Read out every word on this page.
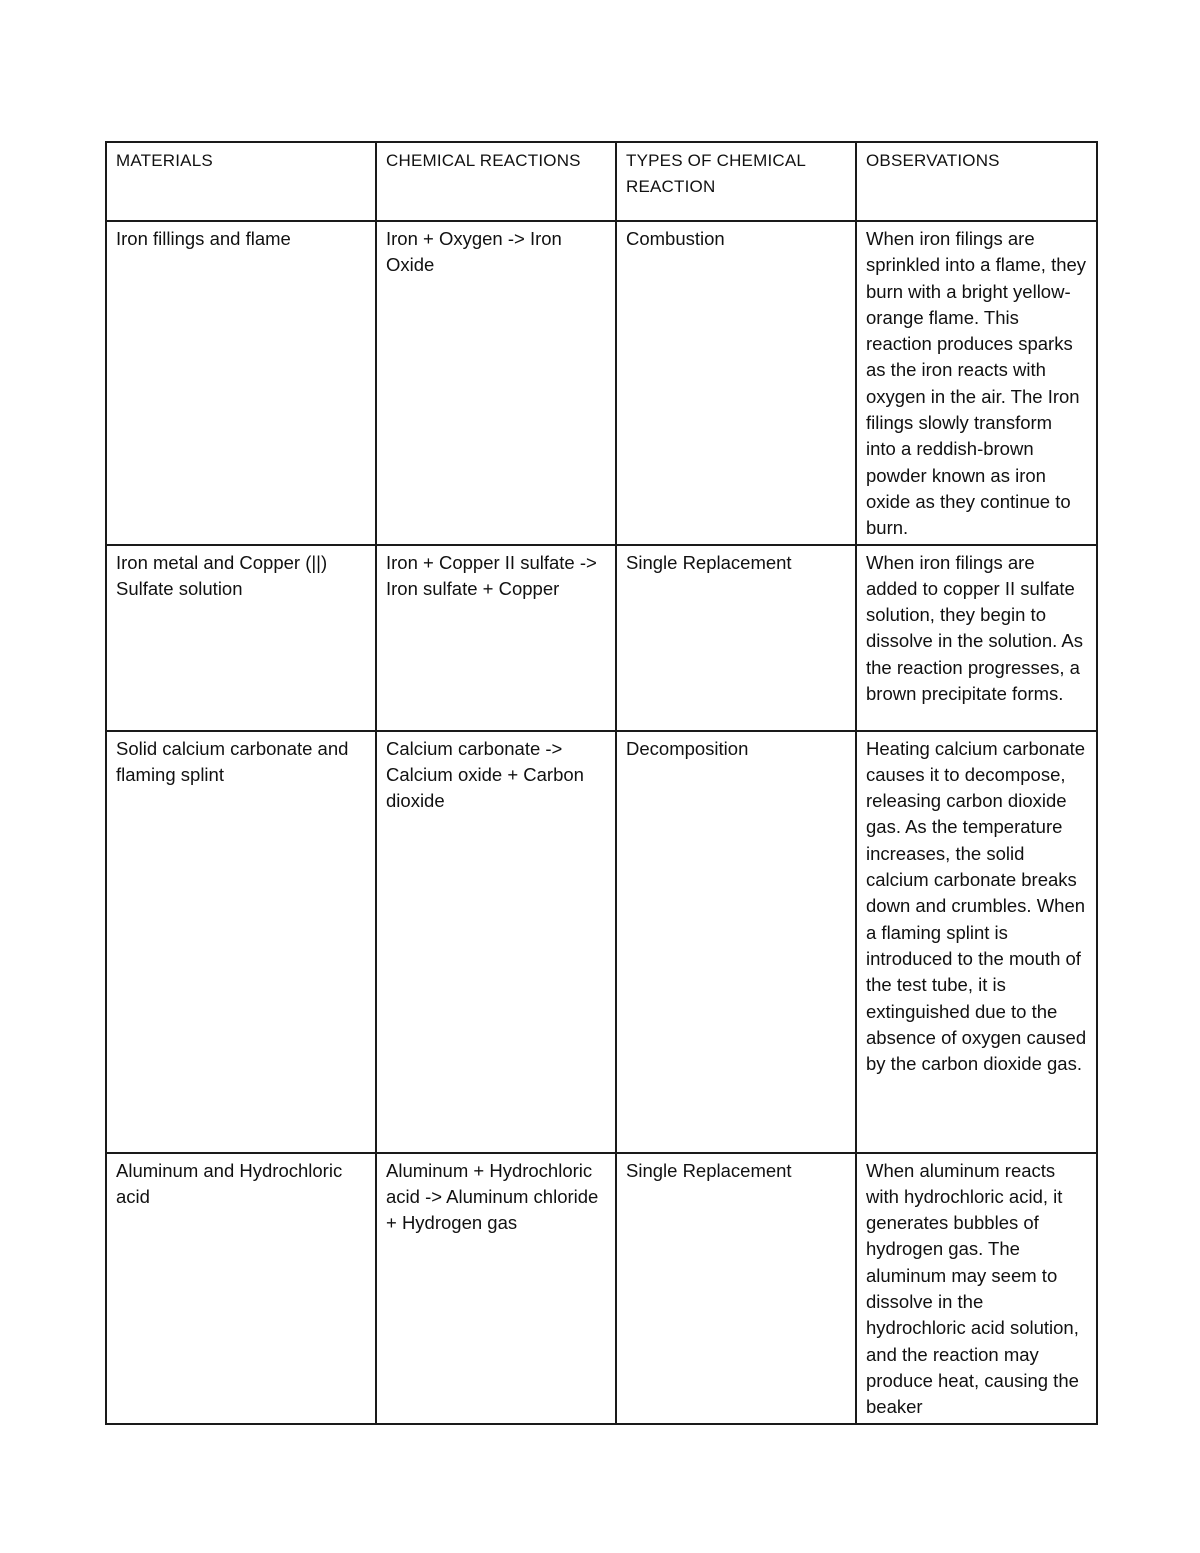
MATERIALS	CHEMICAL REACTIONS	TYPES OF CHEMICAL REACTION	OBSERVATIONS
Iron fillings and flame	Iron + Oxygen -> Iron Oxide	Combustion	When iron filings are sprinkled into a flame, they burn with a bright yellow-orange flame. This reaction produces sparks as the iron reacts with oxygen in the air. The Iron filings slowly transform into a reddish-brown powder known as iron oxide as they continue to burn.
Iron metal and Copper (||) Sulfate solution	Iron + Copper II sulfate -> Iron sulfate + Copper	Single Replacement	When iron filings are added to copper II sulfate solution, they begin to dissolve in the solution. As the reaction progresses, a brown precipitate forms.
Solid calcium carbonate and flaming splint	Calcium carbonate -> Calcium oxide + Carbon dioxide	Decomposition	Heating calcium carbonate causes it to decompose, releasing carbon dioxide gas. As the temperature increases, the solid calcium carbonate breaks down and crumbles. When a flaming splint is introduced to the mouth of the test tube, it is extinguished due to the absence of oxygen caused by the carbon dioxide gas.
Aluminum and Hydrochloric acid	Aluminum + Hydrochloric acid -> Aluminum chloride + Hydrogen gas	Single Replacement	When aluminum reacts with hydrochloric acid, it generates bubbles of hydrogen gas. The aluminum may seem to dissolve in the hydrochloric acid solution, and the reaction may produce heat, causing the beaker
